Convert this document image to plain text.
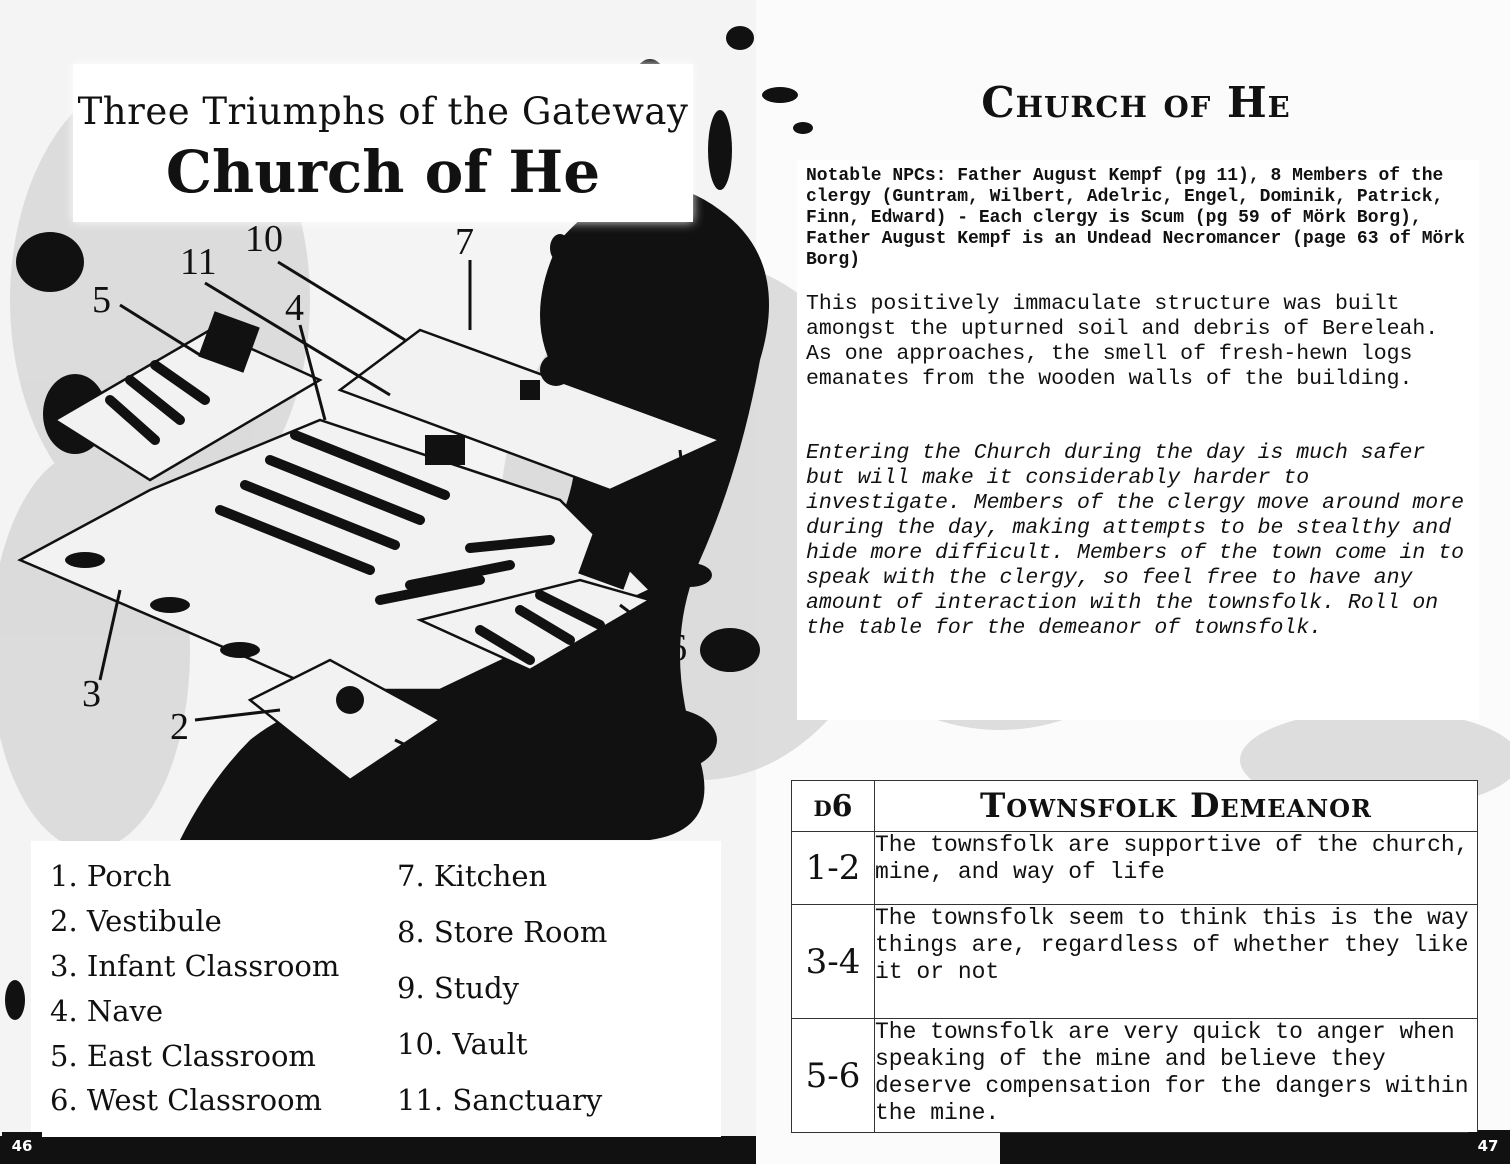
Three Triumphs of the Gateway
Church of He
1
2
3
4
5
6
7
8
9
10
11
1. Porch
2. Vestibule
3. Infant Classroom
4. Nave
5. East Classroom
6. West Classroom
7. Kitchen
8. Store Room
9. Study
10. Vault
11. Sanctuary
46
Church of He
Notable NPCs: Father August Kempf (pg 11), 8 Members of the clergy (Guntram, Wilbert, Adelric, Engel, Dominik, Patrick, Finn, Edward) - Each clergy is Scum (pg 59 of Mörk Borg), Father August Kempf is an Undead Necromancer (page 63 of Mörk Borg)
This positively immaculate structure was built amongst the upturned soil and debris of Bereleah. As one approaches, the smell of fresh-hewn logs emanates from the wooden walls of the building.
Entering the Church during the day is much safer but will make it considerably harder to investigate. Members of the clergy move around more during the day, making attempts to be stealthy and hide more difficult. Members of the town come in to speak with the clergy, so feel free to have any amount of interaction with the townsfolk. Roll on the table for the demeanor of townsfolk.
d6	Townsfolk Demeanor
1-2	The townsfolk are supportive of the church, mine, and way of life
3-4	The townsfolk seem to think this is the way things are, regardless of whether they like it or not
5-6	The townsfolk are very quick to anger when speaking of the mine and believe they deserve compensation for the dangers within the mine.
47
